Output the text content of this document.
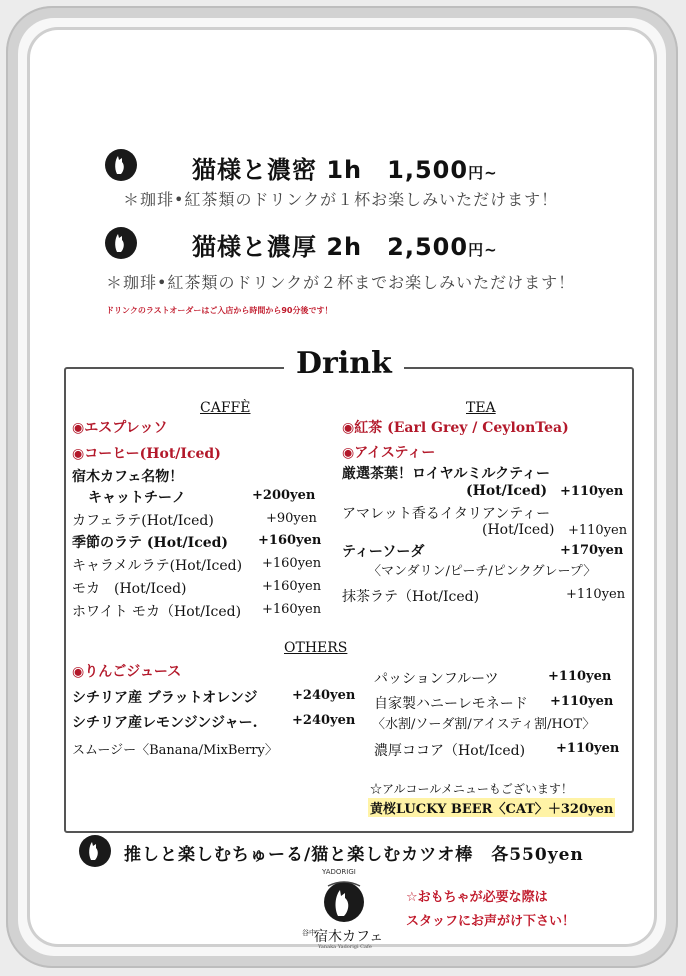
猫様と濃密 1h　1,500円~
＊珈琲•紅茶類のドリンクが１杯お楽しみいただけます！
猫様と濃厚 2h　2,500円~
＊珈琲•紅茶類のドリンクが２杯までお楽しみいただけます！
ドリンクのラストオーダーはご入店から時間から90分後です！
Drink
CAFFÈ
◉エスプレッソ
◉コーヒー(Hot/Iced)
宿木カフェ名物！
キャットチーノ	+200yen
カフェラテ(Hot/Iced)	+90yen
季節のラテ (Hot/Iced) +160yen
キャラメルラテ(Hot/Iced) +160yen
モカ　(Hot/Iced)	+160yen
ホワイト モカ（Hot/Iced) +160yen
TEA
◉紅茶 (Earl Grey / CeylonTea)
◉アイスティー
厳選茶葉！ロイヤルミルクティー
(Hot/Iced) +110yen
アマレット香るイタリアンティー
(Hot/Iced) +110yen
ティーソーダ	+170yen
〈マンダリン/ピーチ/ピンクグレープ〉
抹茶ラテ（Hot/Iced)	+110yen
OTHERS
◉りんごジュース
シチリア産 ブラットオレンジ	+240yen
シチリア産レモンジンジャー.	+240yen
スムージー〈Banana/MixBerry〉
パッションフルーツ	+110yen
自家製ハニーレモネード +110yen
〈水割/ソーダ割/アイスティ割/HOT〉
濃厚ココア（Hot/Iced) +110yen
☆アルコールメニューもございます！
黄桜LUCKY BEER〈CAT〉＋320yen
推しと楽しむちゅーる/猫と楽しむカツオ棒　各550yen
YADORIGI
谷中
宿木カフェ
Yanaka Yadorigi Cafe
☆おもちゃが必要な際は
スタッフにお声がけ下さい！
